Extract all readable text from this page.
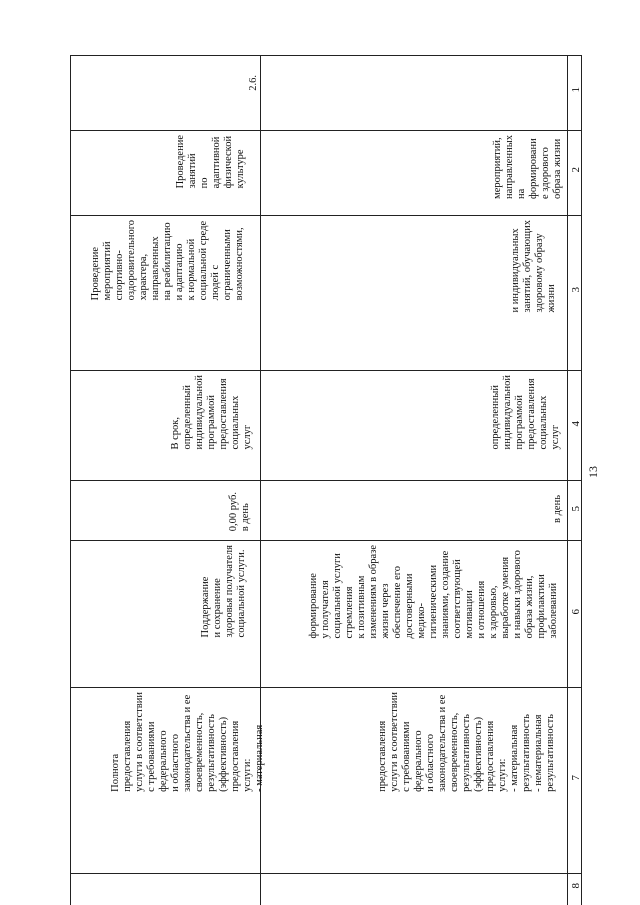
13
1
2
3
4
5
6
7
8
мероприятий,
направленных
на
формировани
е здорового
образа жизни
и индивидуальных
занятий, обучающих
здоровому образу
жизни
определенный
индивидуальной
программой
предоставления
социальных
услуг
в день
формирование
у получателя
социальной услуги
стремления
к позитивным
изменениям в образе
жизни через
обеспечение его
достоверными
медико-
гигиеническими
знаниями, создание
соответствующей
мотивации
и отношения
к здоровью,
выработке умения
и навыки здорового
образа жизни,
профилактики
заболеваний
предоставления
услуги в соответствии
с требованиями
федерального
и областного
законодательства и ее
своевременность,
результативность
(эффективность)
предоставления
услуги:
- материальная
результативность
- нематериальная
результативность
2.6.
Проведение
занятий
по
адаптивной
физической
культуре
Проведение
мероприятий
спортивно-
оздоровительного
характера,
направленных
на реабилитацию
и адаптацию
к нормальной
социальной среде
людей с
ограниченными
возможностями,
В срок,
определенный
индивидуальной
программой
предоставления
социальных
услуг
0,00 руб.
в день
Поддержание
и сохранение
здоровья получателя
социальной услуги.
Полнота
предоставления
услуги в соответствии
с требованиями
федерального
и областного
законодательства и ее
своевременность,
результативность
(эффективность)
предоставления
услуги:
- материальная
